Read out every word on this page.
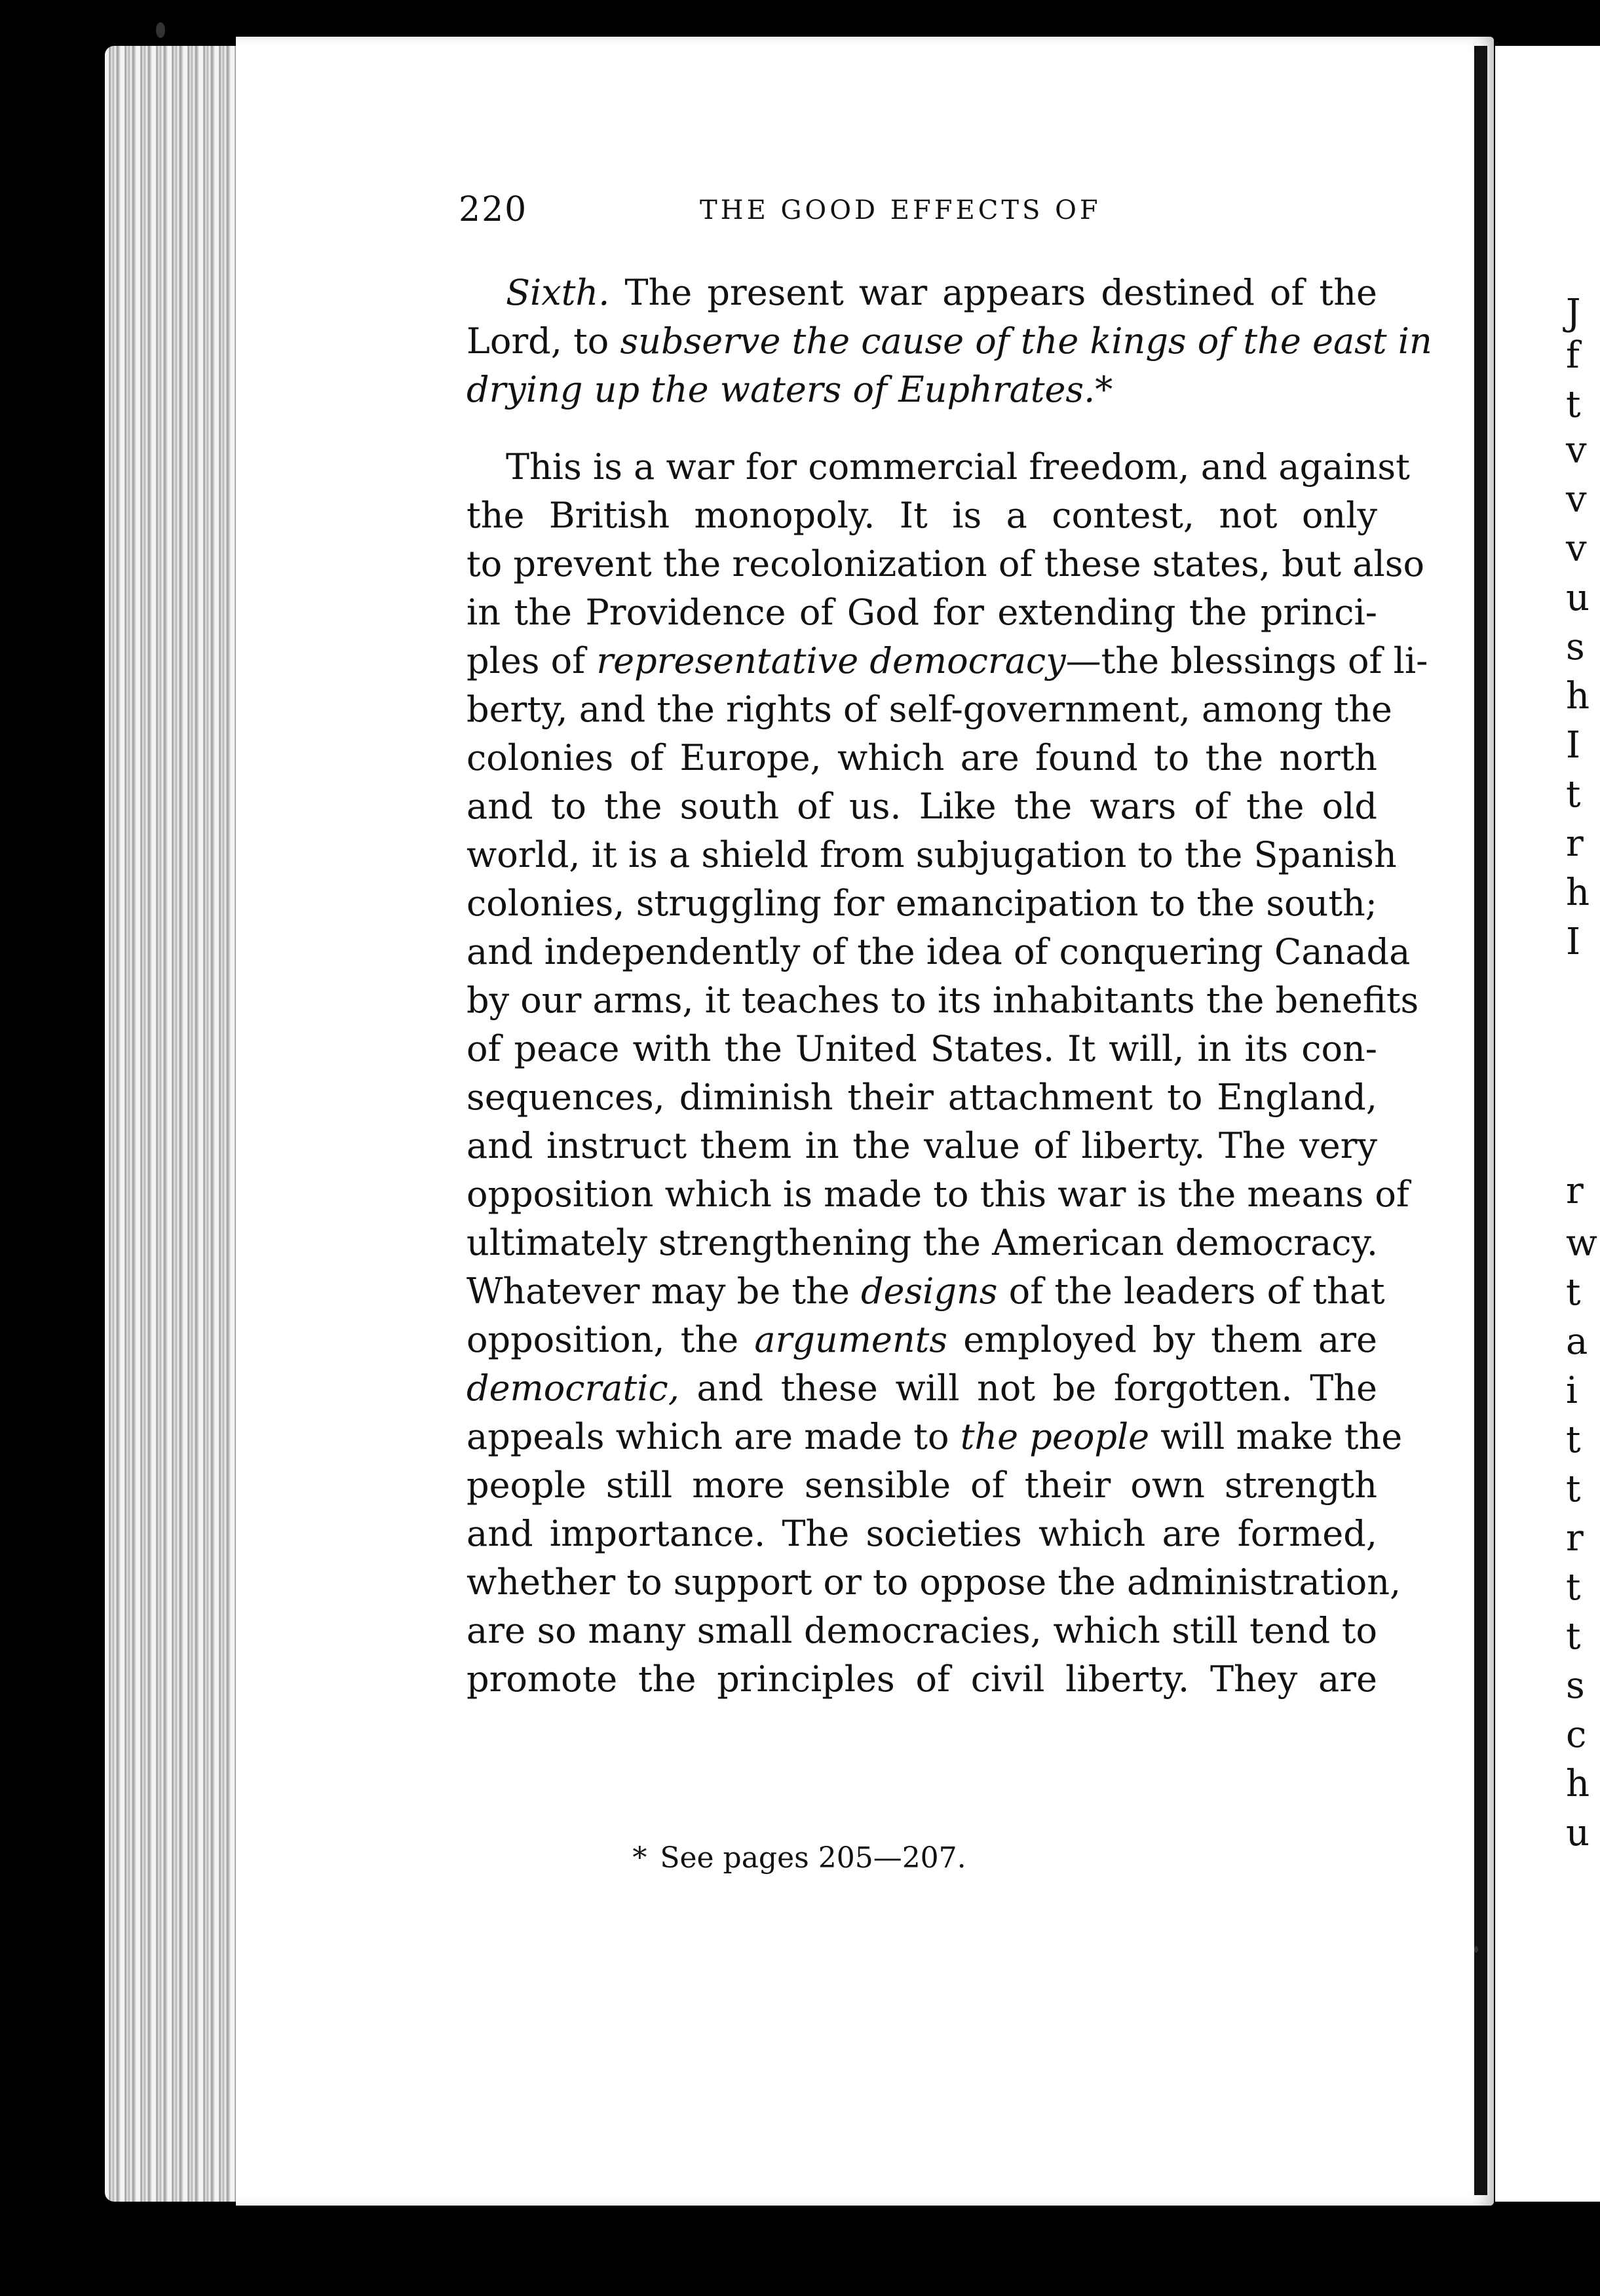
J
f
t
v
v
v
u
s
h
I
t
r
h
I
r
w
t
a
i
t
t
r
t
t
s
c
h
u
220	THE GOOD EFFECTS OF

Sixth. The present war appears destined of the
Lord, to subserve the cause of the kings of the east in
drying up the waters of Euphrates.*

This is a war for commercial freedom, and against
the British monopoly. It is a contest, not only
to prevent the recolonization of these states, but also
in the Providence of God for extending the princi-
ples of representative democracy—the blessings of li-
berty, and the rights of self-government, among the
colonies of Europe, which are found to the north
and to the south of us. Like the wars of the old
world, it is a shield from subjugation to the Spanish
colonies, struggling for emancipation to the south;
and independently of the idea of conquering Canada
by our arms, it teaches to its inhabitants the benefits
of peace with the United States. It will, in its con-
sequences, diminish their attachment to England,
and instruct them in the value of liberty. The very
opposition which is made to this war is the means of
ultimately strengthening the American democracy.
Whatever may be the designs of the leaders of that
opposition, the arguments employed by them are
democratic, and these will not be forgotten. The
appeals which are made to the people will make the
people still more sensible of their own strength
and importance. The societies which are formed,
whether to support or to oppose the administration,
are so many small democracies, which still tend to
promote the principles of civil liberty. They are

* See pages 205—207.
